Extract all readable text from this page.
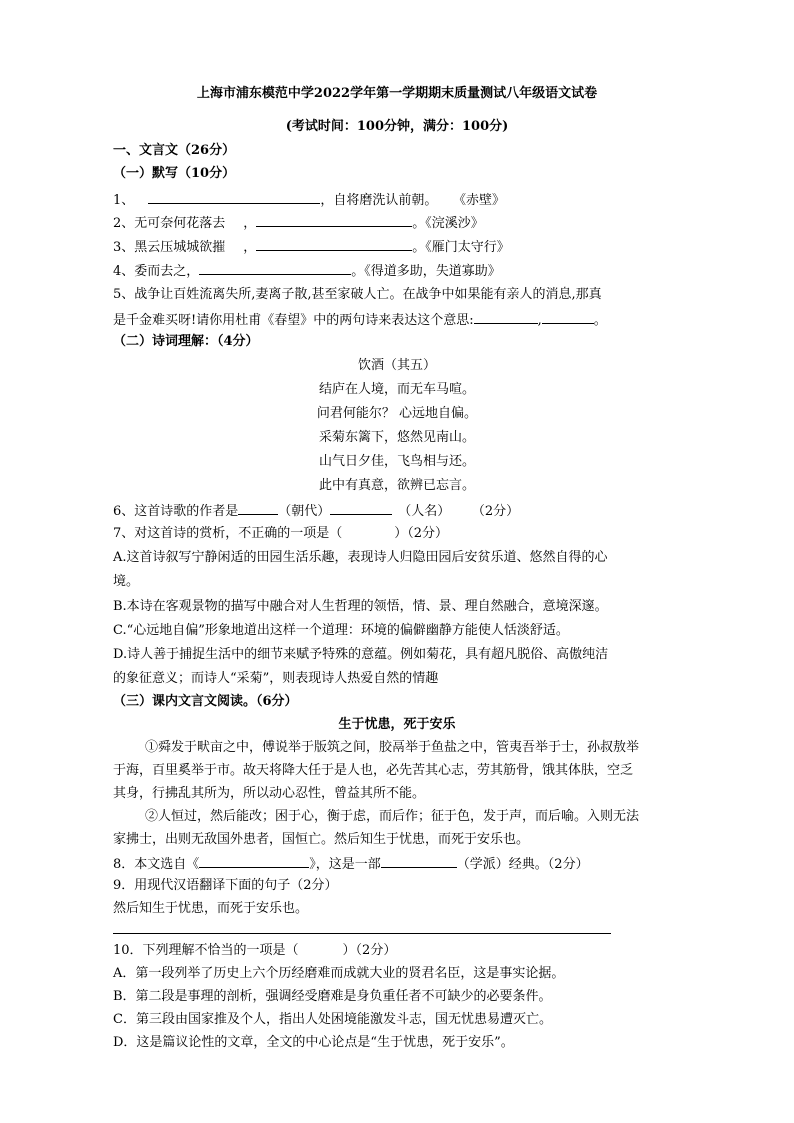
上海市浦东模范中学2022学年第一学期期末质量测试八年级语文试卷
(考试时间：100分钟，满分：100分)
一、文言文（26分）
（一）默写（10分）
1、	，自将磨洗认前朝。 《赤壁》
2、无可奈何花落去 ，	。《浣溪沙》
3、黑云压城城欲摧 ，	。《雁门太守行》
4、委而去之，	。《得道多助，失道寡助》
5、战争让百姓流离失所,妻离子散,甚至家破人亡。在战争中如果能有亲人的消息,那真
是千金难买呀!请你用杜甫《春望》中的两句诗来表达这个意思:	,	。
（二）诗词理解：（4分）
饮酒（其五）
结庐在人境，而无车马喧。
问君何能尔？ 心远地自偏。
采菊东篱下，悠然见南山。
山气日夕佳，飞鸟相与还。
此中有真意，欲辨已忘言。
6、这首诗歌的作者是	（朝代）	（人名） （2分）
7、对这首诗的赏析，不正确的一项是（	）（2分）
A.这首诗叙写宁静闲适的田园生活乐趣，表现诗人归隐田园后安贫乐道、悠然自得的心
境。
B.本诗在客观景物的描写中融合对人生哲理的领悟，情、景、理自然融合，意境深邃。
C.“心远地自偏”形象地道出这样一个道理：环境的偏僻幽静方能使人恬淡舒适。
D.诗人善于捕捉生活中的细节来赋予特殊的意蕴。例如菊花，具有超凡脱俗、高傲纯洁
的象征意义；而诗人“采菊”，则表现诗人热爱自然的情趣
（三）课内文言文阅读。（6分）
生于忧患，死于安乐
①舜发于畎亩之中，傅说举于版筑之间，胶鬲举于鱼盐之中，管夷吾举于士，孙叔敖举
于海，百里奚举于市。故天将降大任于是人也，必先苦其心志，劳其筋骨，饿其体肤，空乏
其身，行拂乱其所为，所以动心忍性，曾益其所不能。
②人恒过，然后能改；困于心，衡于虑，而后作；征于色，发于声，而后喻。入则无法
家拂士，出则无敌国外患者，国恒亡。然后知生于忧患，而死于安乐也。
8．本文选自《	》，这是一部	（学派）经典。（2分）
9．用现代汉语翻译下面的句子（2分）
然后知生于忧患，而死于安乐也。
10．下列理解不恰当的一项是（	）（2分）
A．第一段列举了历史上六个历经磨难而成就大业的贤君名臣，这是事实论据。
B．第二段是事理的剖析，强调经受磨难是身负重任者不可缺少的必要条件。
C．第三段由国家推及个人，指出人处困境能激发斗志，国无忧患易遭灭亡。
D．这是篇议论性的文章，全文的中心论点是“生于忧患，死于安乐”。
